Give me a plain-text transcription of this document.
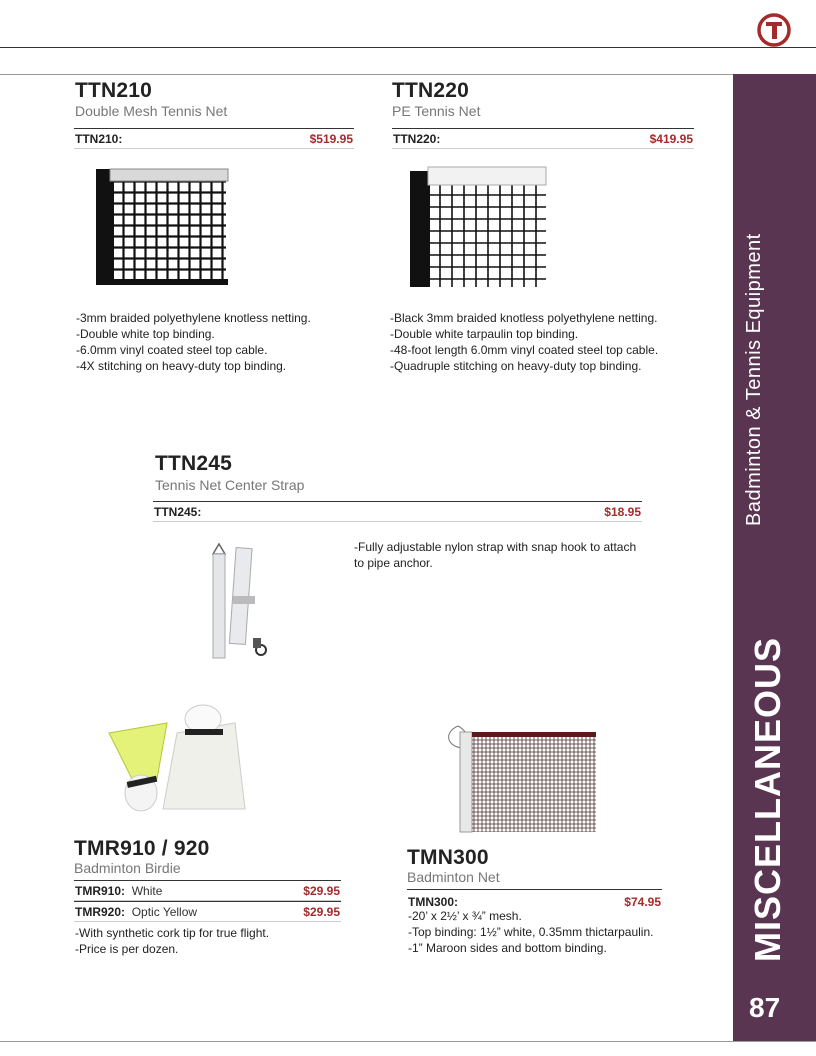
Badminton & Tennis Equipment
MISCELLANEOUS
87
TTN210
Double Mesh Tennis Net
TTN210:	$519.95
-3mm braided polyethylene knotless netting.
-Double white top binding.
-6.0mm vinyl coated steel top cable.
-4X stitching on heavy-duty top binding.
TTN220
PE Tennis Net
TTN220:	$419.95
-Black 3mm braided knotless polyethylene netting.
-Double white tarpaulin top binding.
-48-foot length 6.0mm vinyl coated steel top cable.
-Quadruple stitching on heavy-duty top binding.
TTN245
Tennis Net Center Strap
TTN245:	$18.95
-Fully adjustable nylon strap with snap hook to attach
to pipe anchor.
TMR910 / 920
Badminton Birdie
TMR910: White	$29.95
TMR920: Optic Yellow	$29.95
-With synthetic cork tip for true flight.
-Price is per dozen.
TMN300
Badminton Net
TMN300:	$74.95
-20’ x 2½’ x ¾” mesh.
-Top binding: 1½” white, 0.35mm thictarpaulin.
-1” Maroon sides and bottom binding.
